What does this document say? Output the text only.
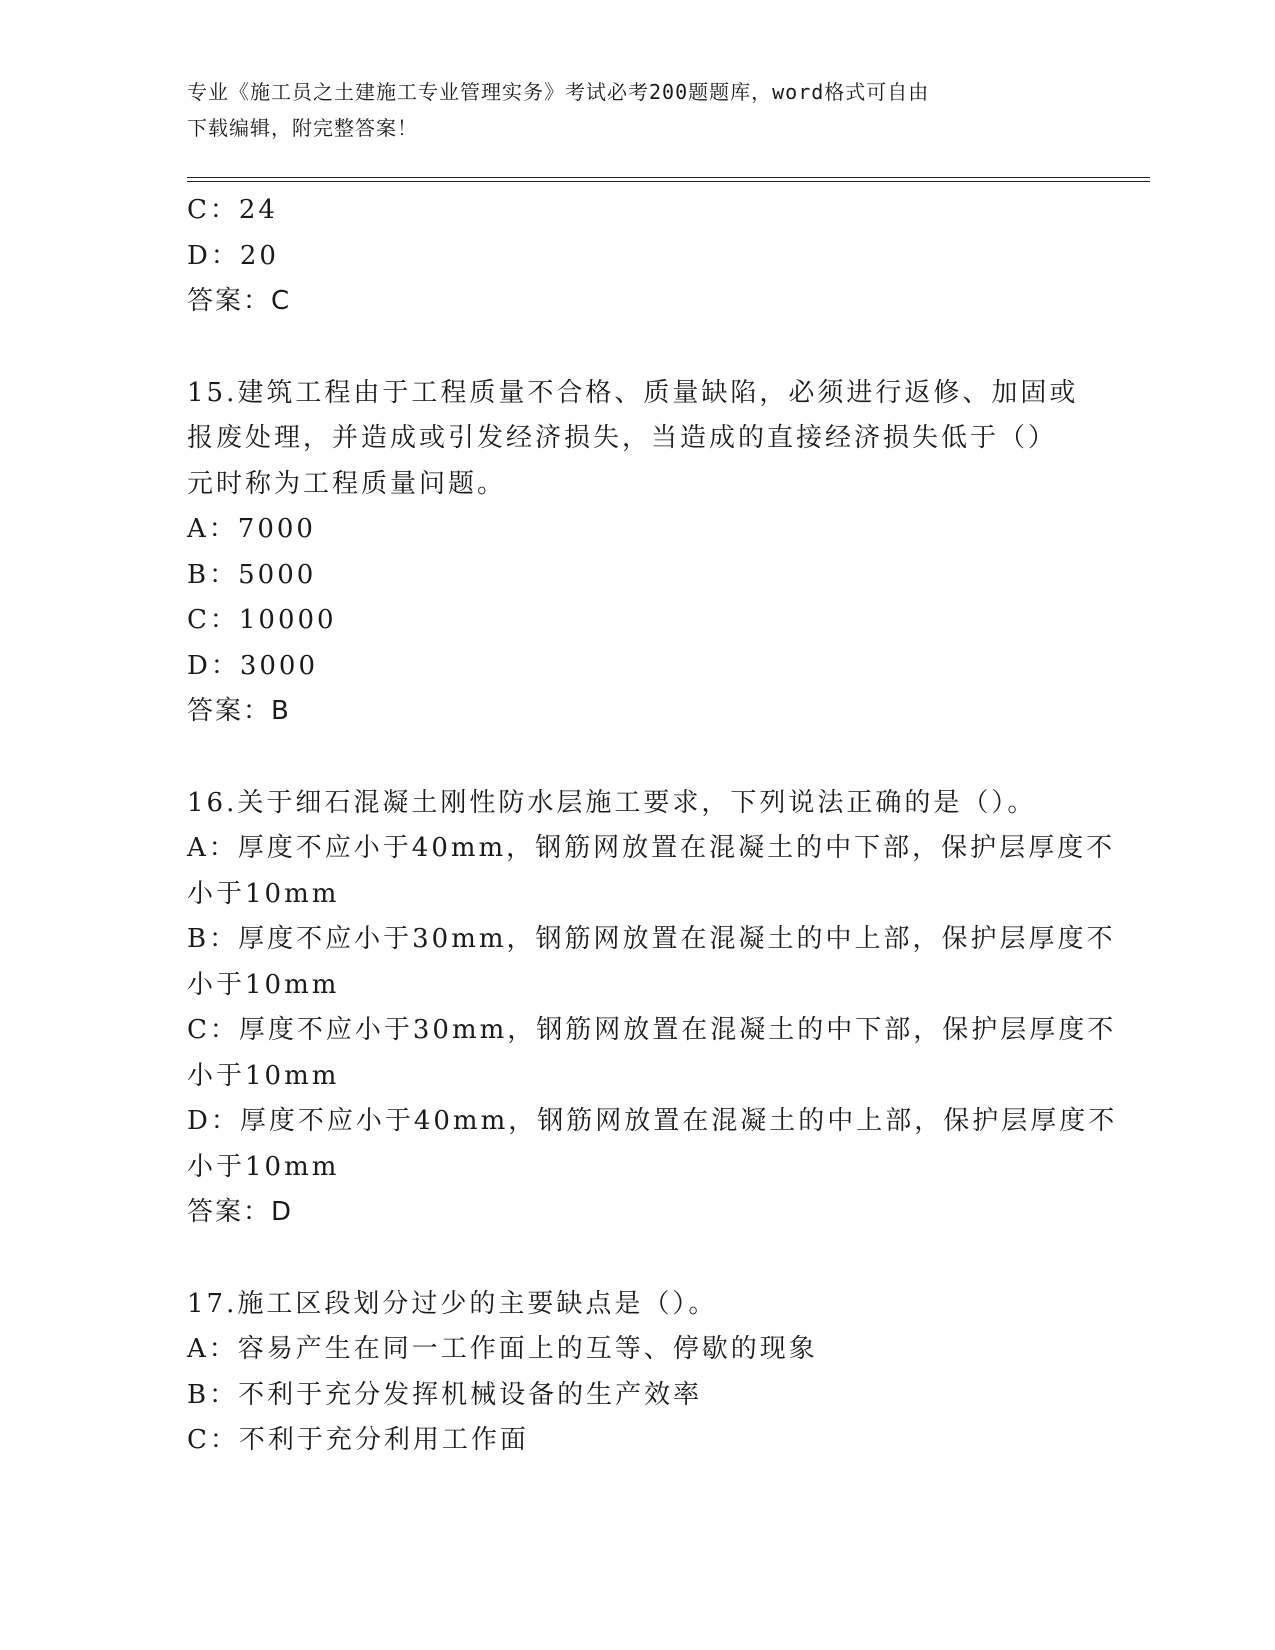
专业《施工员之土建施工专业管理实务》考试必考200题题库，word格式可自由
下载编辑，附完整答案！
C：24
D：20
答案：C
15.建筑工程由于工程质量不合格、质量缺陷，必须进行返修、加固或
报废处理，并造成或引发经济损失，当造成的直接经济损失低于（）
元时称为工程质量问题。
A：7000
B：5000
C：10000
D：3000
答案：B
16.关于细石混凝土刚性防水层施工要求，下列说法正确的是（）。
A：厚度不应小于40mm，钢筋网放置在混凝土的中下部，保护层厚度不
小于10mm
B：厚度不应小于30mm，钢筋网放置在混凝土的中上部，保护层厚度不
小于10mm
C：厚度不应小于30mm，钢筋网放置在混凝土的中下部，保护层厚度不
小于10mm
D：厚度不应小于40mm，钢筋网放置在混凝土的中上部，保护层厚度不
小于10mm
答案：D
17.施工区段划分过少的主要缺点是（）。
A：容易产生在同一工作面上的互等、停歇的现象
B：不利于充分发挥机械设备的生产效率
C：不利于充分利用工作面
